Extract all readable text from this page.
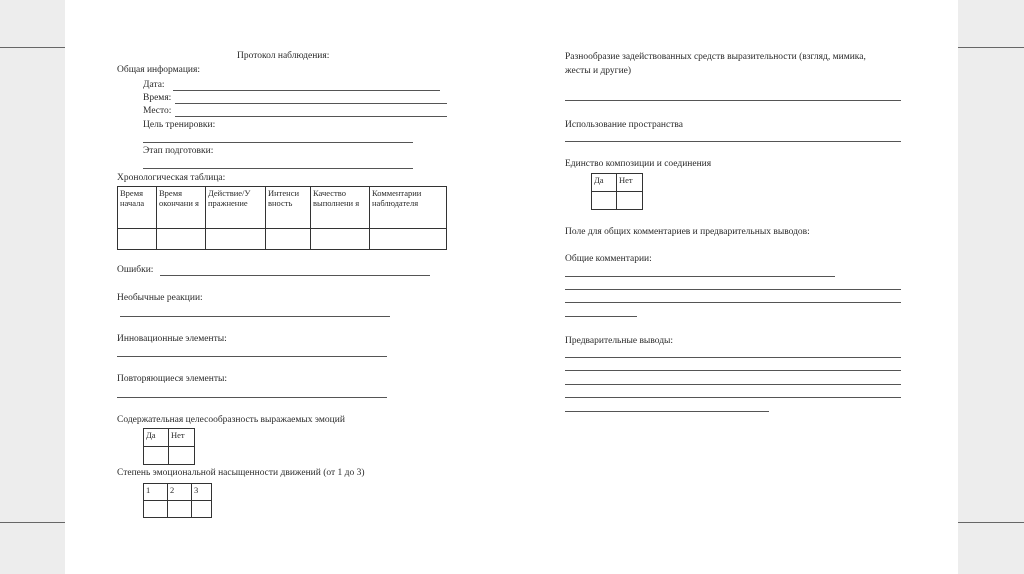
Протокол наблюдения:
Общая информация:
Дата:
Время:
Место:
Цель тренировки:
Этап подготовки:
Хронологическая таблица:
Время начала	Время окончани я	Действие/У пражнение	Интенси вность	Качество выполнени я	Комментарии наблюдателя

Ошибки:
Необычные реакции:
Инновационные элементы:
Повторяющиеся элементы:
Содержательная целесообразность выражаемых эмоций
Да	Нет

Степень эмоциональной насыщенности движений (от 1 до 3)
1	2	3

Разнообразие задействованных средств выразительности (взгляд, мимика,
жесты и другие)
Использование пространства
Единство композиции и соединения
Да	Нет

Поле для общих комментариев и предварительных выводов:
Общие комментарии:
Предварительные выводы:
